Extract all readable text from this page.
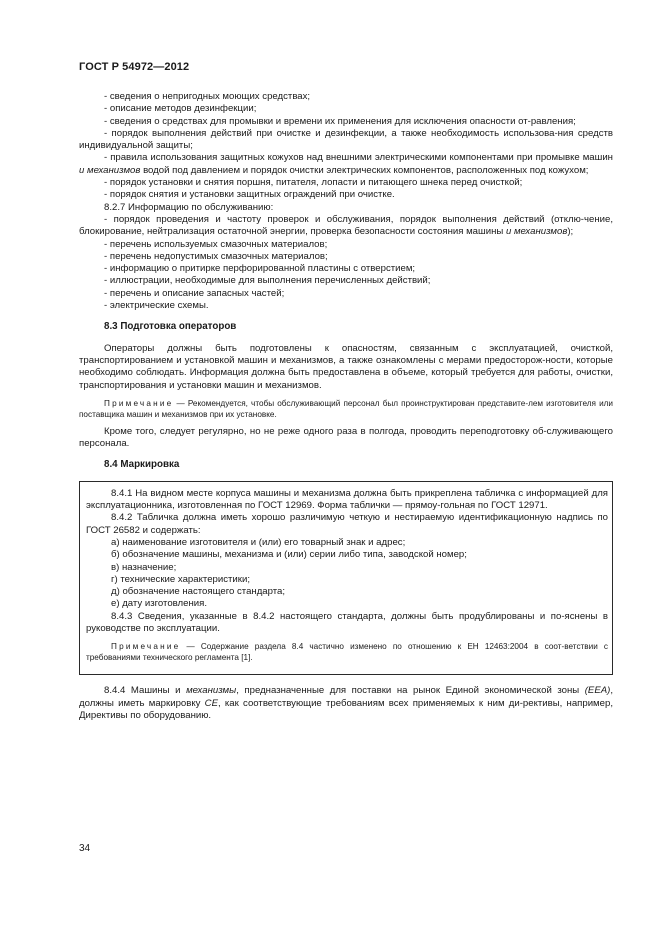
ГОСТ Р 54972—2012

- сведения о непригодных моющих средствах;

- описание методов дезинфекции;

- сведения о средствах для промывки и времени их применения для исключения опасности от-равления;

- порядок выполнения действий при очистке и дезинфекции, а также необходимость использова-ния средств индивидуальной защиты;

- правила использования защитных кожухов над внешними электрическими компонентами при промывке машин и механизмов водой под давлением и порядок очистки электрических компонентов, расположенных под кожухом;

- порядок установки и снятия поршня, питателя, лопасти и питающего шнека перед очисткой;

- порядок снятия и установки защитных ограждений при очистке.

8.2.7 Информацию по обслуживанию:

- порядок проведения и частоту проверок и обслуживания, порядок выполнения действий (отклю-чение, блокирование, нейтрализация остаточной энергии, проверка безопасности состояния машины и механизмов);

- перечень используемых смазочных материалов;

- перечень недопустимых смазочных материалов;

- информацию о притирке перфорированной пластины с отверстием;

- иллюстрации, необходимые для выполнения перечисленных действий;

- перечень и описание запасных частей;

- электрические схемы.

8.3 Подготовка операторов

Операторы должны быть подготовлены к опасностям, связанным с эксплуатацией, очисткой, транспортированием и установкой машин и механизмов, а также ознакомлены с мерами предосторож-ности, которые необходимо соблюдать. Информация должна быть предоставлена в объеме, который требуется для работы, очистки, транспортирования и установки машин и механизмов.

Примечание — Рекомендуется, чтобы обслуживающий персонал был проинструктирован представите-лем изготовителя или поставщика машин и механизмов при их установке.

Кроме того, следует регулярно, но не реже одного раза в полгода, проводить переподготовку об-служивающего персонала.

8.4 Маркировка

8.4.1 На видном месте корпуса машины и механизма должна быть прикреплена табличка с информацией для эксплуатационника, изготовленная по ГОСТ 12969. Форма таблички — прямоу-гольная по ГОСТ 12971.

8.4.2 Табличка должна иметь хорошо различимую четкую и нестираемую идентификационную надпись по ГОСТ 26582 и содержать:

а) наименование изготовителя и (или) его товарный знак и адрес;

б) обозначение машины, механизма и (или) серии либо типа, заводской номер;

в) назначение;

г) технические характеристики;

д) обозначение настоящего стандарта;

е) дату изготовления.

8.4.3 Сведения, указанные в 8.4.2 настоящего стандарта, должны быть продублированы и по-яснены в руководстве по эксплуатации.

Примечание — Содержание раздела 8.4 частично изменено по отношению к ЕН 12463:2004 в соот-ветствии с требованиями технического регламента [1].

8.4.4 Машины и механизмы, предназначенные для поставки на рынок Единой экономической зоны (EEA), должны иметь маркировку CE, как соответствующие требованиям всех применяемых к ним ди-рективы, например, Директивы по оборудованию.

34
